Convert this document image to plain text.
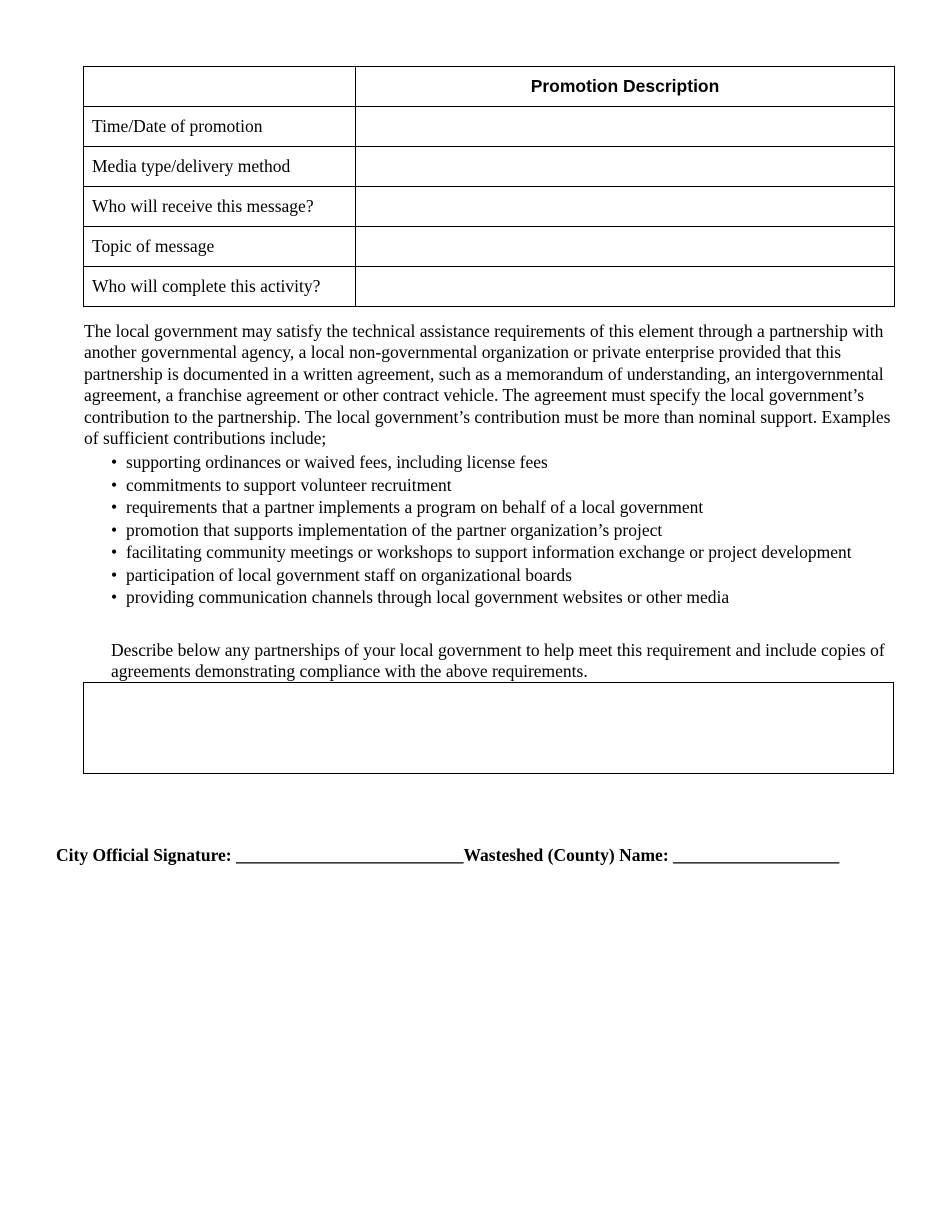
	Promotion Description
Time/Date of promotion	
Media type/delivery method	
Who will receive this message?	
Topic of message	
Who will complete this activity?	

The local government may satisfy the technical assistance requirements of this element through a partnership with another governmental agency, a local non-governmental organization or private enterprise provided that this partnership is documented in a written agreement, such as a memorandum of understanding, an intergovernmental agreement, a franchise agreement or other contract vehicle. The agreement must specify the local government’s contribution to the partnership. The local government’s contribution must be more than nominal support. Examples of sufficient contributions include;

• supporting ordinances or waived fees, including license fees
• commitments to support volunteer recruitment
• requirements that a partner implements a program on behalf of a local government
• promotion that supports implementation of the partner organization’s project
• facilitating community meetings or workshops to support information exchange or project development
• participation of local government staff on organizational boards
• providing communication channels through local government websites or other media

Describe below any partnerships of your local government to help meet this requirement and include copies of agreements demonstrating compliance with the above requirements.

City Official Signature: __________________________Wasteshed (County) Name: ___________________
